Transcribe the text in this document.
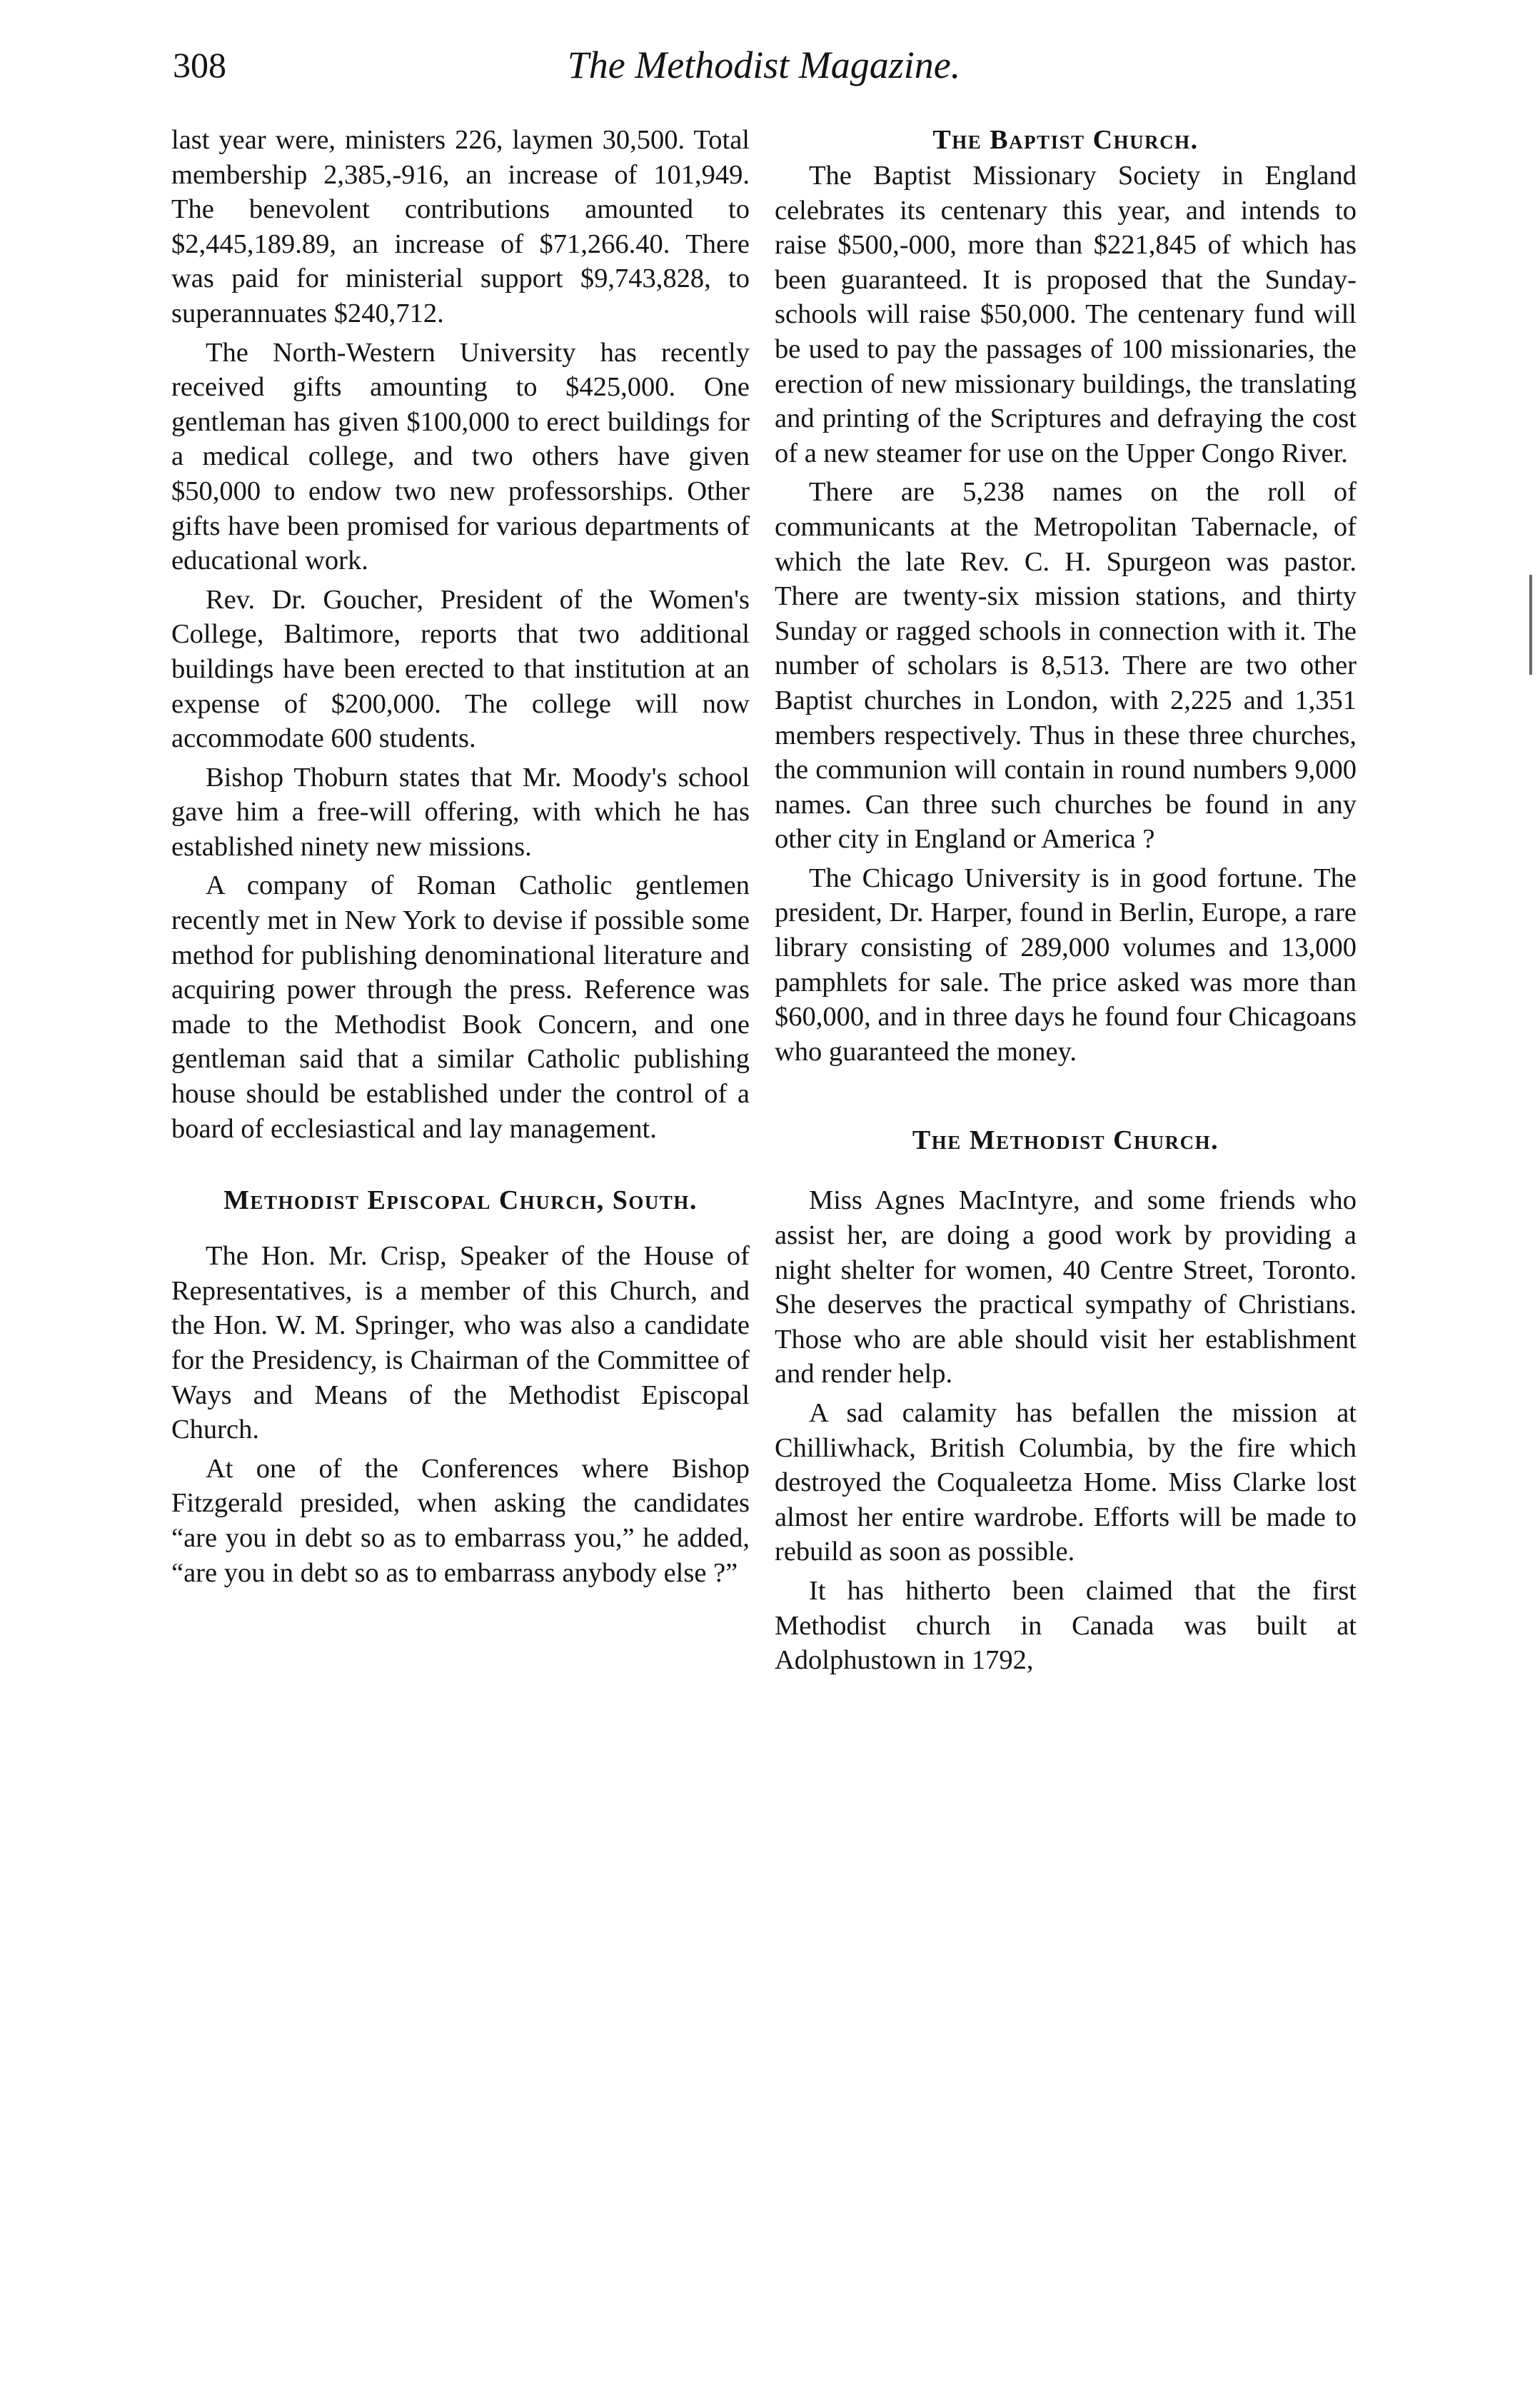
308	The Methodist Magazine.

last year were, ministers 226, laymen 30,500. Total membership 2,385,-916, an increase of 101,949. The benevolent contributions amounted to $2,445,189.89, an increase of $71,266.40. There was paid for ministerial support $9,743,828, to superannuates $240,712.

The North-Western University has recently received gifts amounting to $425,000. One gentleman has given $100,000 to erect buildings for a medical college, and two others have given $50,000 to endow two new professorships. Other gifts have been promised for various departments of educational work.

Rev. Dr. Goucher, President of the Women's College, Baltimore, reports that two additional buildings have been erected to that institution at an expense of $200,000. The college will now accommodate 600 students.

Bishop Thoburn states that Mr. Moody's school gave him a free-will offering, with which he has established ninety new missions.

A company of Roman Catholic gentlemen recently met in New York to devise if possible some method for publishing denominational literature and acquiring power through the press. Reference was made to the Methodist Book Concern, and one gentleman said that a similar Catholic publishing house should be established under the control of a board of ecclesiastical and lay management.

Methodist Episcopal Church, South.

The Hon. Mr. Crisp, Speaker of the House of Representatives, is a member of this Church, and the Hon. W. M. Springer, who was also a candidate for the Presidency, is Chairman of the Committee of Ways and Means of the Methodist Episcopal Church.

At one of the Conferences where Bishop Fitzgerald presided, when asking the candidates “are you in debt so as to embarrass you,” he added, “are you in debt so as to embarrass anybody else ?”

The Baptist Church.

The Baptist Missionary Society in England celebrates its centenary this year, and intends to raise $500,-000, more than $221,845 of which has been guaranteed. It is proposed that the Sunday-schools will raise $50,000. The centenary fund will be used to pay the passages of 100 missionaries, the erection of new missionary buildings, the translating and printing of the Scriptures and defraying the cost of a new steamer for use on the Upper Congo River.

There are 5,238 names on the roll of communicants at the Metropolitan Tabernacle, of which the late Rev. C. H. Spurgeon was pastor. There are twenty-six mission stations, and thirty Sunday or ragged schools in connection with it. The number of scholars is 8,513. There are two other Baptist churches in London, with 2,225 and 1,351 members respectively. Thus in these three churches, the communion will contain in round numbers 9,000 names. Can three such churches be found in any other city in England or America ?

The Chicago University is in good fortune. The president, Dr. Harper, found in Berlin, Europe, a rare library consisting of 289,000 volumes and 13,000 pamphlets for sale. The price asked was more than $60,000, and in three days he found four Chicagoans who guaranteed the money.

The Methodist Church.

Miss Agnes MacIntyre, and some friends who assist her, are doing a good work by providing a night shelter for women, 40 Centre Street, Toronto. She deserves the practical sympathy of Christians. Those who are able should visit her establishment and render help.

A sad calamity has befallen the mission at Chilliwhack, British Columbia, by the fire which destroyed the Coqualeetza Home. Miss Clarke lost almost her entire wardrobe. Efforts will be made to rebuild as soon as possible.

It has hitherto been claimed that the first Methodist church in Canada was built at Adolphustown in 1792,
